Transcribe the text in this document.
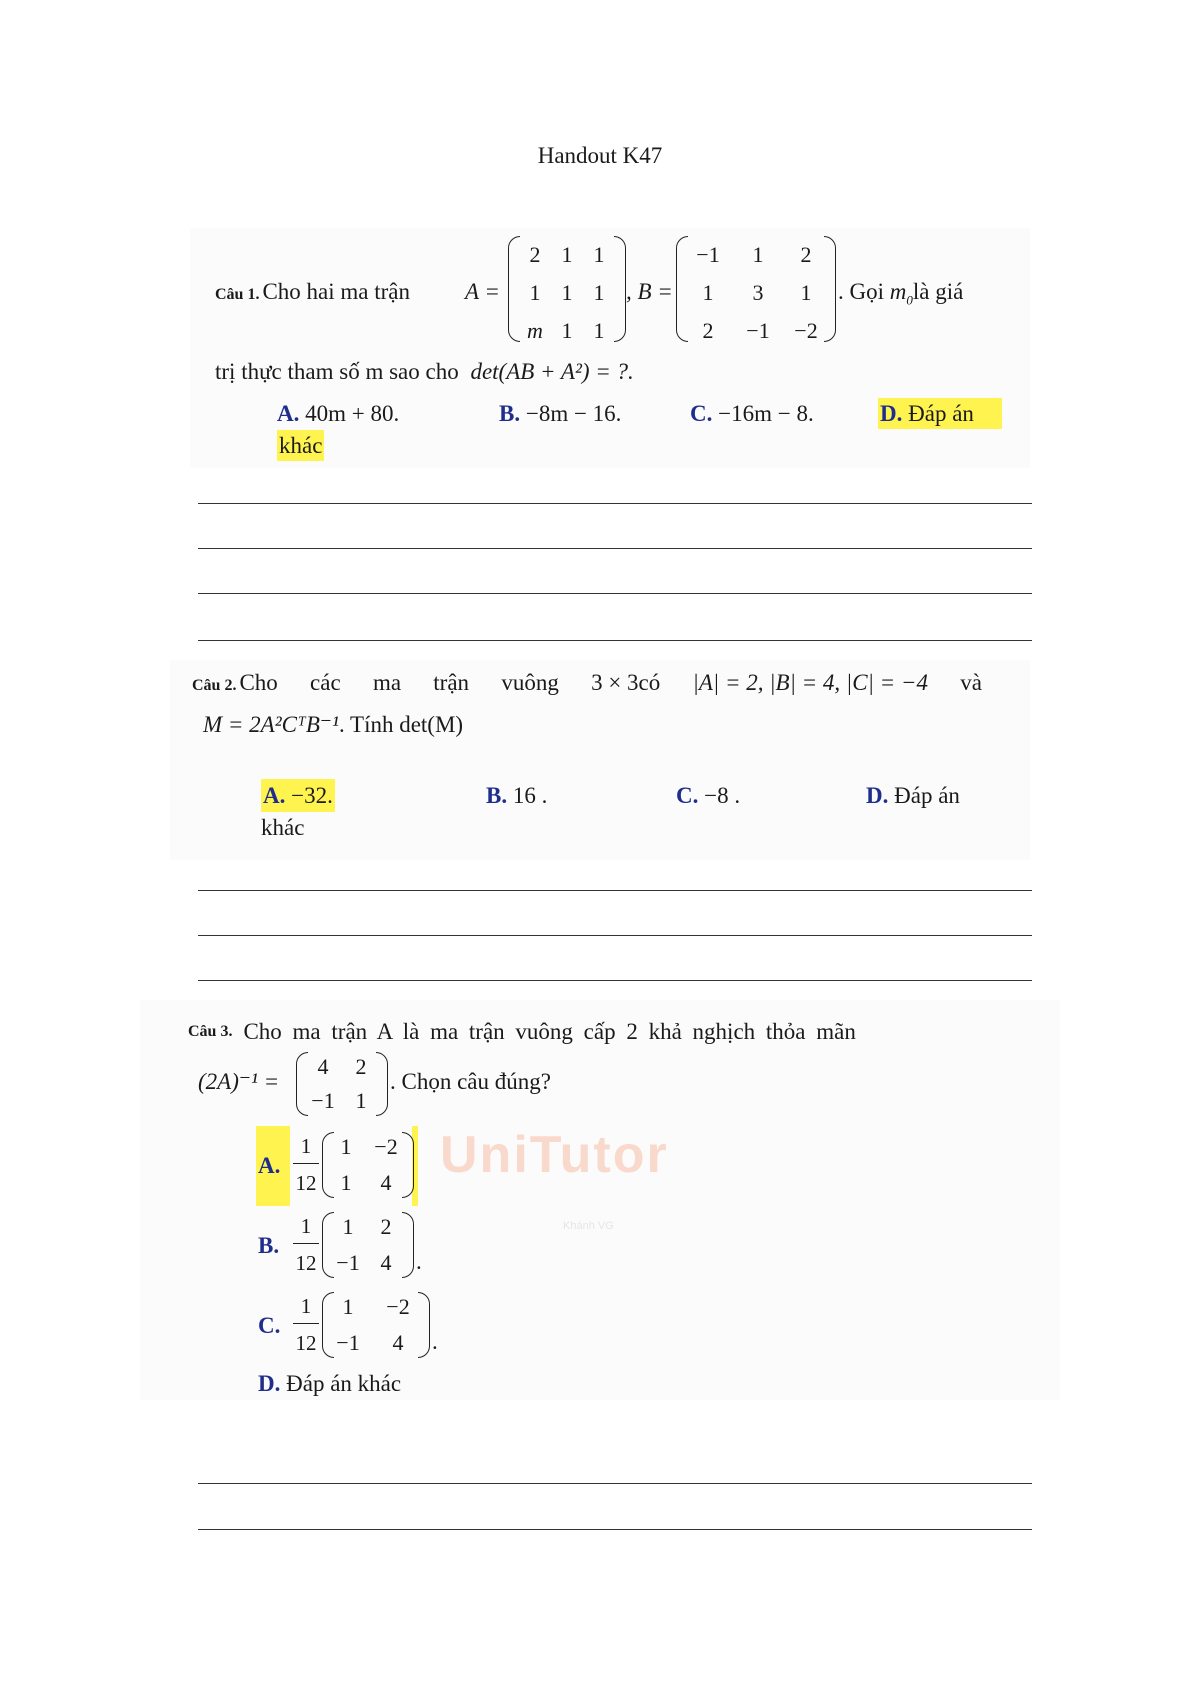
UniTutor
Khánh VG
Handout K47
Câu 1. Cho hai ma trận A =
2 1 1
1 1 1
m 1 1
, B =
−1	1	2
1	3	1
2	−1	−2
. Gọi $m_0là$ giá
trị thực tham số m sao cho det(AB + A²) = ?.
A. 40m + 80.	B. −8m − 16.	C. −16m − 8.	D. Đáp án
khác
Câu 2. Cho các ma trận vuông 3 × 3có |A| = 2, |B| = 4, |C| = −4 và
M = 2A²CᵀB⁻¹. Tính det(M)
A. −32.	B. 16 .	C. −8 .	D. Đáp án
khác
Câu 3. Cho ma trận A là ma trận vuông cấp 2 khả nghịch thỏa mãn
(2A)⁻¹ =
4	2
−1 1
. Chọn câu đúng?
A.
1
12
1	−2
1	4
B.
1
12
1	2
−1 4	.
C.
1
12
1	−2
−1	4	.
D. Đáp án khác
